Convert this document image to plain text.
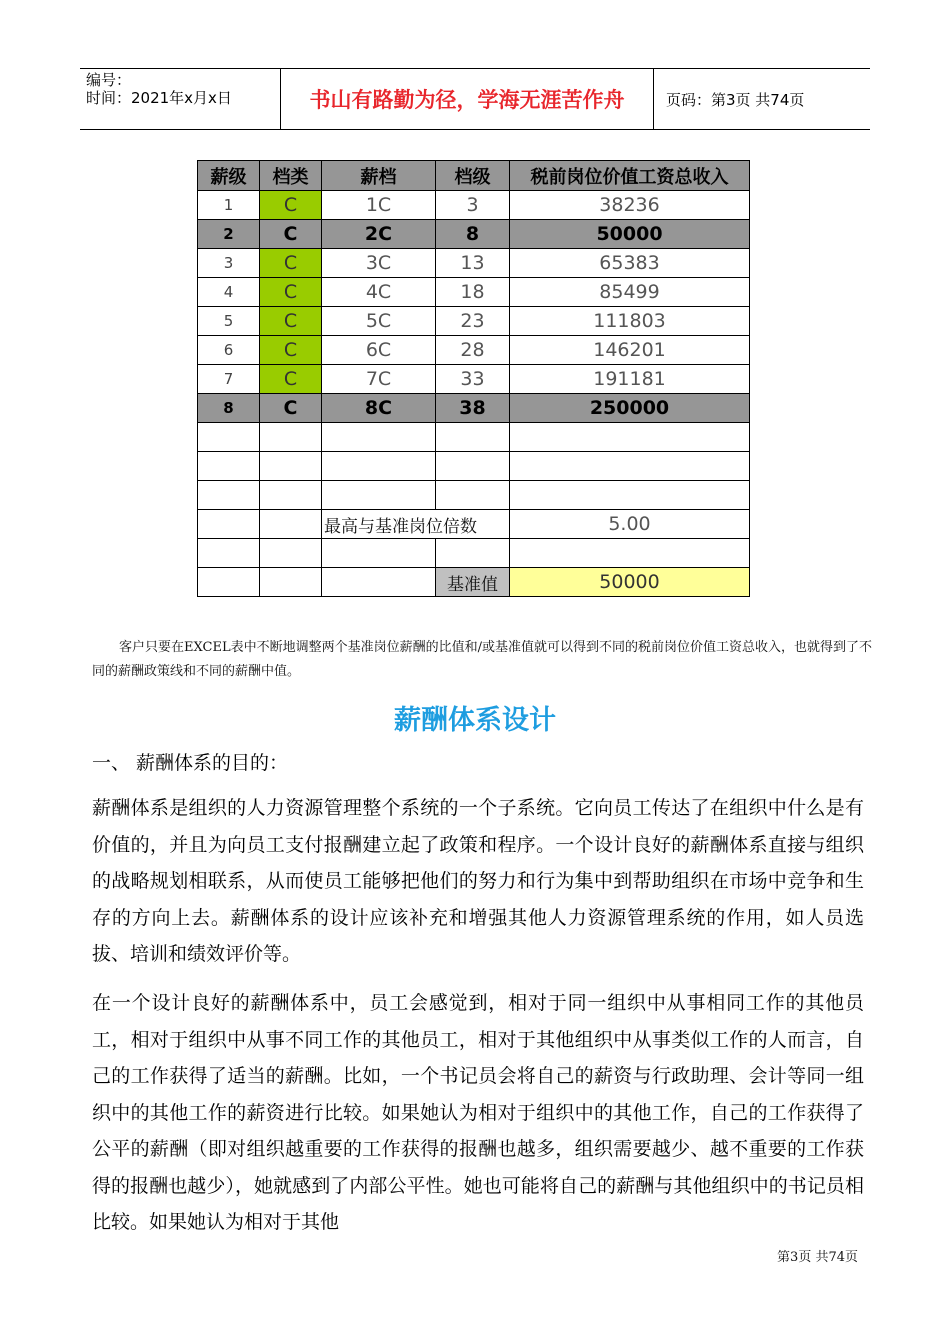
编号：
时间：2021年x月x日	书山有路勤为径，学海无涯苦作舟	页码：第3页 共74页
薪级	档类	薪档	档级	税前岗位价值工资总收入
1	C	1C	3	38236
2	C	2C	8	50000
3	C	3C	13	65383
4	C	4C	18	85499
5	C	5C	23	111803
6	C	6C	28	146201
7	C	7C	33	191181
8	C	8C	38	250000

		最高与基准岗位倍数		5.00

			基准值	50000

客户只要在EXCEL表中不断地调整两个基准岗位薪酬的比值和/或基准值就可以得到不同的税前岗位价值工资总收入，也就得到了不同的薪酬政策线和不同的薪酬中值。

薪酬体系设计

一、 薪酬体系的目的：

薪酬体系是组织的人力资源管理整个系统的一个子系统。它向员工传达了在组织中什么是有价值的，并且为向员工支付报酬建立起了政策和程序。一个设计良好的薪酬体系直接与组织的战略规划相联系，从而使员工能够把他们的努力和行为集中到帮助组织在市场中竞争和生存的方向上去。薪酬体系的设计应该补充和增强其他人力资源管理系统的作用，如人员选拔、培训和绩效评价等。

在一个设计良好的薪酬体系中，员工会感觉到，相对于同一组织中从事相同工作的其他员工，相对于组织中从事不同工作的其他员工，相对于其他组织中从事类似工作的人而言，自己的工作获得了适当的薪酬。比如，一个书记员会将自己的薪资与行政助理、会计等同一组织中的其他工作的薪资进行比较。如果她认为相对于组织中的其他工作，自己的工作获得了公平的薪酬（即对组织越重要的工作获得的报酬也越多，组织需要越少、越不重要的工作获得的报酬也越少），她就感到了内部公平性。她也可能将自己的薪酬与其他组织中的书记员相比较。如果她认为相对于其他

第3页 共74页
